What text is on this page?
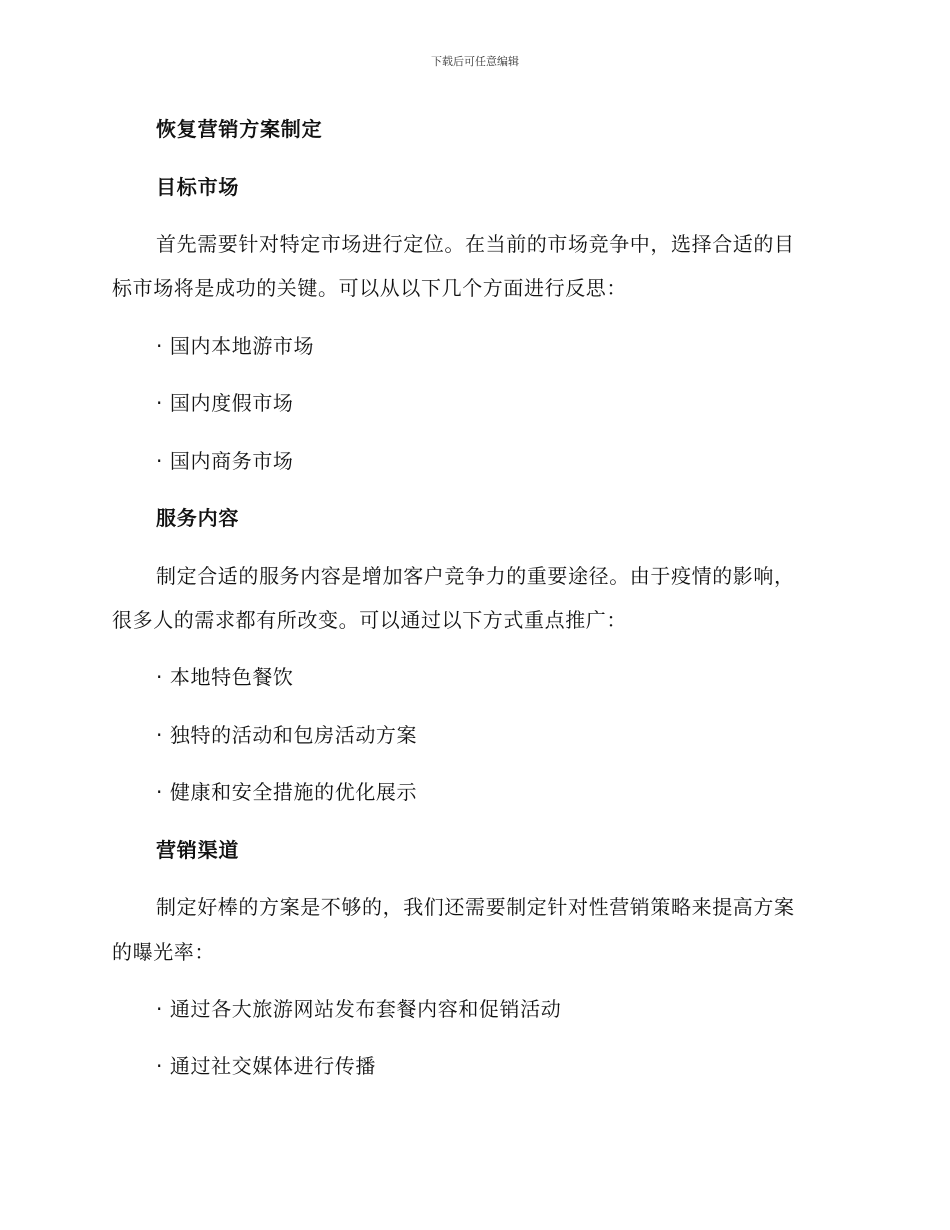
下载后可任意编辑
恢复营销方案制定
目标市场
首先需要针对特定市场进行定位。在当前的市场竞争中，选择合适的目
标市场将是成功的关键。可以从以下几个方面进行反思：
· 国内本地游市场
· 国内度假市场
· 国内商务市场
服务内容
制定合适的服务内容是增加客户竞争力的重要途径。由于疫情的影响，
很多人的需求都有所改变。可以通过以下方式重点推广：
· 本地特色餐饮
· 独特的活动和包房活动方案
· 健康和安全措施的优化展示
营销渠道
制定好棒的方案是不够的，我们还需要制定针对性营销策略来提高方案
的曝光率：
· 通过各大旅游网站发布套餐内容和促销活动
· 通过社交媒体进行传播
